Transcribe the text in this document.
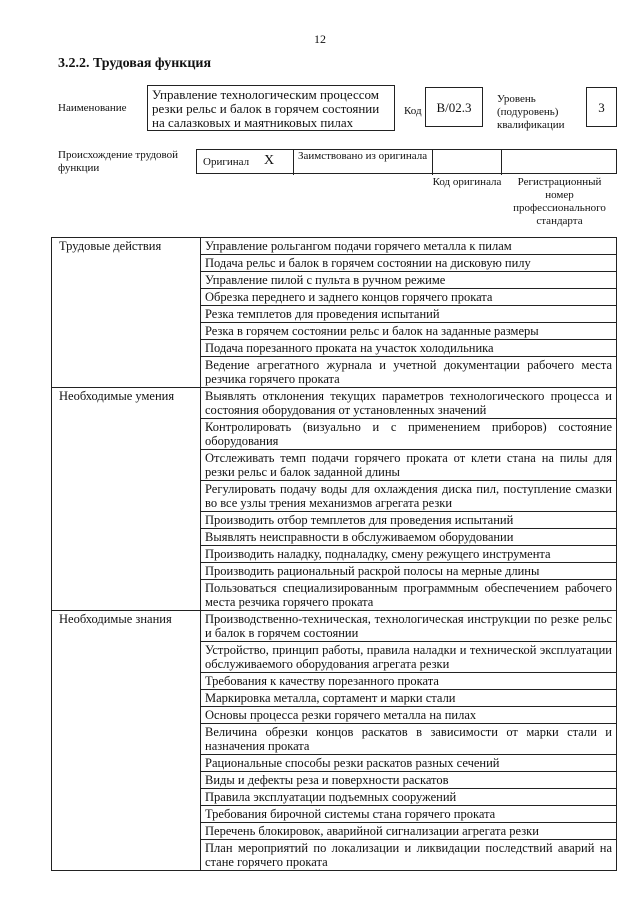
12
3.2.2. Трудовая функция
Наименование
Управление технологическим процессом резки рельс и балок в горячем состоянии на салазковых и маятниковых пилах
Код	B/02.3
Уровень (подуровень) квалификации
3
Происхождение трудовой функции	Оригинал X Заимствовано из оригинала
Код оригинала	Регистрационный номер профессионального стандарта
Трудовые действия	Управление рольгангом подачи горячего металла к пилам
	Подача рельс и балок в горячем состоянии на дисковую пилу
	Управление пилой с пульта в ручном режиме
	Обрезка переднего и заднего концов горячего проката
	Резка темплетов для проведения испытаний
	Резка в горячем состоянии рельс и балок на заданные размеры
	Подача порезанного проката на участок холодильника
	Ведение агрегатного журнала и учетной документации рабочего места резчика горячего проката
Необходимые умения	Выявлять отклонения текущих параметров технологического процесса и состояния оборудования от установленных значений
	Контролировать (визуально и с применением приборов) состояние оборудования
	Отслеживать темп подачи горячего проката от клети стана на пилы для резки рельс и балок заданной длины
	Регулировать подачу воды для охлаждения диска пил, поступление смазки во все узлы трения механизмов агрегата резки
	Производить отбор темплетов для проведения испытаний
	Выявлять неисправности в обслуживаемом оборудовании
	Производить наладку, подналадку, смену режущего инструмента
	Производить рациональный раскрой полосы на мерные длины
	Пользоваться специализированным программным обеспечением рабочего места резчика горячего проката
Необходимые знания	Производственно-техническая, технологическая инструкции по резке рельс и балок в горячем состоянии
	Устройство, принцип работы, правила наладки и технической эксплуатации обслуживаемого оборудования агрегата резки
	Требования к качеству порезанного проката
	Маркировка металла, сортамент и марки стали
	Основы процесса резки горячего металла на пилах
	Величина обрезки концов раскатов в зависимости от марки стали и назначения проката
	Рациональные способы резки раскатов разных сечений
	Виды и дефекты реза и поверхности раскатов
	Правила эксплуатации подъемных сооружений
	Требования бирочной системы стана горячего проката
	Перечень блокировок, аварийной сигнализации агрегата резки
	План мероприятий по локализации и ликвидации последствий аварий на стане горячего проката
